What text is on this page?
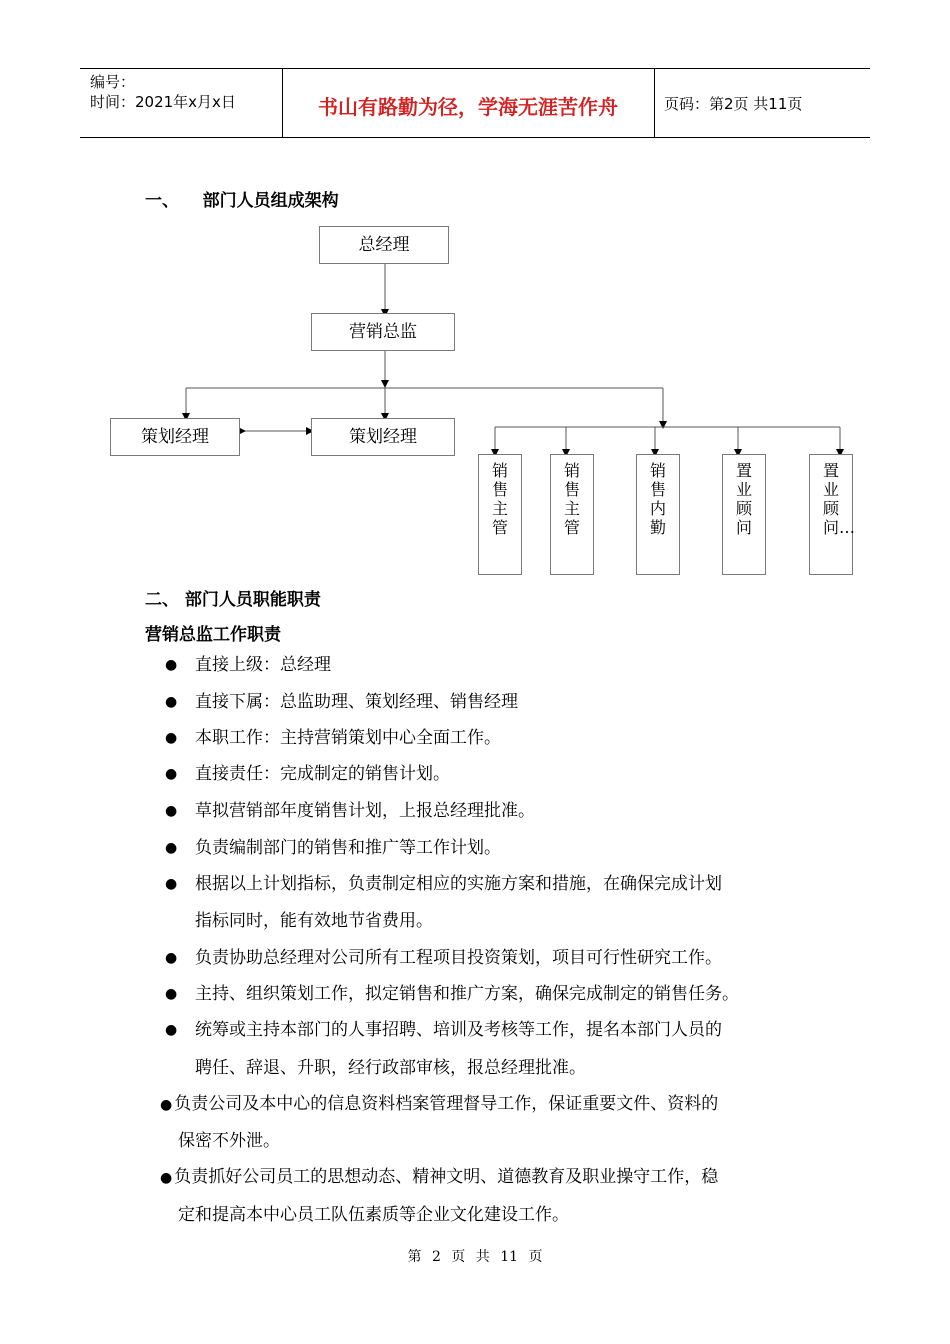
编号：
时间：2021年x月x日	书山有路勤为径，学海无涯苦作舟	页码：第2页 共11页
一、    部门人员组成架构
总经理
营销总监
策划经理	策划经理
销售主管
销售主管
销售内勤
置业顾问
置业顾问…
二、 部门人员职能职责
营销总监工作职责
● 直接上级：总经理
● 直接下属：总监助理、策划经理、销售经理
● 本职工作：主持营销策划中心全面工作。
● 直接责任：完成制定的销售计划。
● 草拟营销部年度销售计划，上报总经理批准。
● 负责编制部门的销售和推广等工作计划。
● 根据以上计划指标，负责制定相应的实施方案和措施，在确保完成计划
指标同时，能有效地节省费用。
● 负责协助总经理对公司所有工程项目投资策划，项目可行性研究工作。
● 主持、组织策划工作，拟定销售和推广方案，确保完成制定的销售任务。
● 统筹或主持本部门的人事招聘、培训及考核等工作，提名本部门人员的
聘任、辞退、升职，经行政部审核，报总经理批准。
● 负责公司及本中心的信息资料档案管理督导工作，保证重要文件、资料的
保密不外泄。
● 负责抓好公司员工的思想动态、精神文明、道德教育及职业操守工作，稳
定和提高本中心员工队伍素质等企业文化建设工作。
第 2 页 共 11 页
